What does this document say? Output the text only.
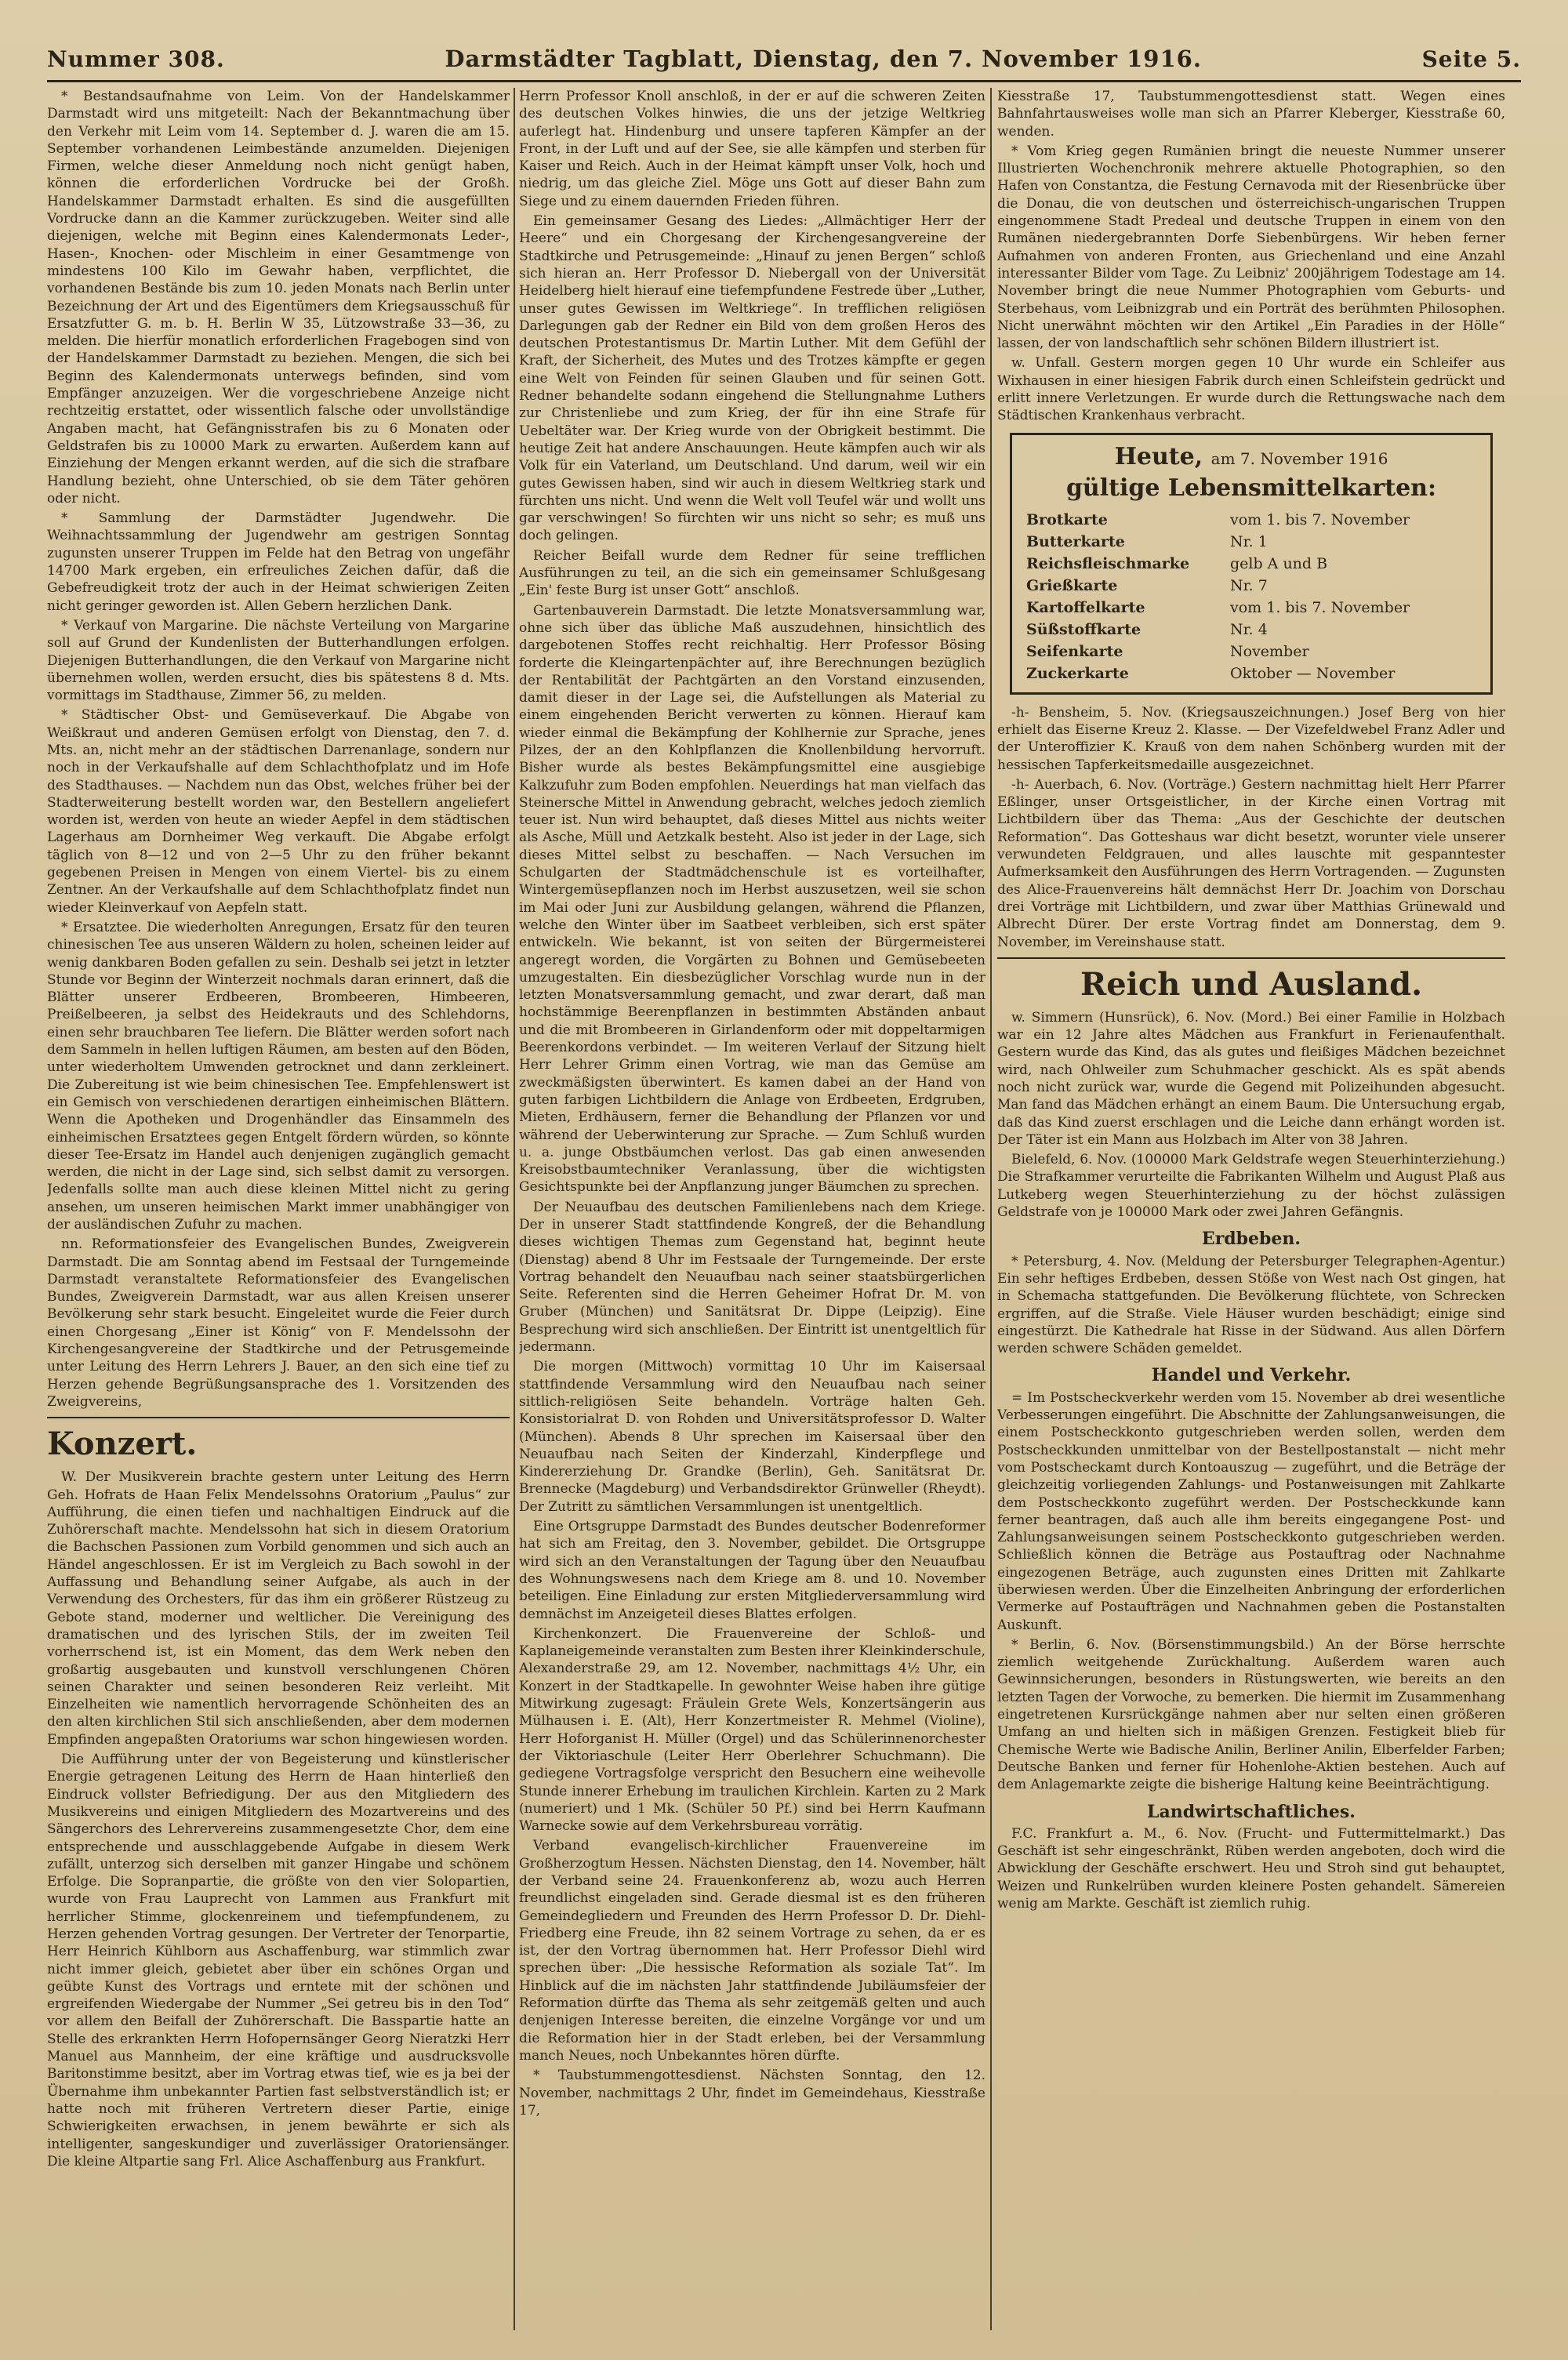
Nummer 308.	Darmstädter Tagblatt, Dienstag, den 7. November 1916.	Seite 5.

* Bestandsaufnahme von Leim. Von der Handelskammer Darmstadt wird uns mitgeteilt: Nach der Bekanntmachung über den Verkehr mit Leim vom 14. September d. J. waren die am 15. September vorhandenen Leimbestände anzumelden. Diejenigen Firmen, welche dieser Anmeldung noch nicht genügt haben, können die erforderlichen Vordrucke bei der Großh. Handelskammer Darmstadt erhalten. Es sind die ausgefüllten Vordrucke dann an die Kammer zurückzugeben. Weiter sind alle diejenigen, welche mit Beginn eines Kalendermonats Leder-, Hasen-, Knochen- oder Mischleim in einer Gesamtmenge von mindestens 100 Kilo im Gewahr haben, verpflichtet, die vorhandenen Bestände bis zum 10. jeden Monats nach Berlin unter Bezeichnung der Art und des Eigentümers dem Kriegsausschuß für Ersatzfutter G. m. b. H. Berlin W 35, Lützowstraße 33—36, zu melden. Die hierfür monatlich erforderlichen Fragebogen sind von der Handelskammer Darmstadt zu beziehen. Mengen, die sich bei Beginn des Kalendermonats unterwegs befinden, sind vom Empfänger anzuzeigen. Wer die vorgeschriebene Anzeige nicht rechtzeitig erstattet, oder wissentlich falsche oder unvollständige Angaben macht, hat Gefängnisstrafen bis zu 6 Monaten oder Geldstrafen bis zu 10000 Mark zu erwarten. Außerdem kann auf Einziehung der Mengen erkannt werden, auf die sich die strafbare Handlung bezieht, ohne Unterschied, ob sie dem Täter gehören oder nicht.

* Sammlung der Darmstädter Jugendwehr. Die Weihnachtssammlung der Jugendwehr am gestrigen Sonntag zugunsten unserer Truppen im Felde hat den Betrag von ungefähr 14700 Mark ergeben, ein erfreuliches Zeichen dafür, daß die Gebefreudigkeit trotz der auch in der Heimat schwierigen Zeiten nicht geringer geworden ist. Allen Gebern herzlichen Dank.

* Verkauf von Margarine. Die nächste Verteilung von Margarine soll auf Grund der Kundenlisten der Butterhandlungen erfolgen. Diejenigen Butterhandlungen, die den Verkauf von Margarine nicht übernehmen wollen, werden ersucht, dies bis spätestens 8 d. Mts. vormittags im Stadthause, Zimmer 56, zu melden.

* Städtischer Obst- und Gemüseverkauf. Die Abgabe von Weißkraut und anderen Gemüsen erfolgt von Dienstag, den 7. d. Mts. an, nicht mehr an der städtischen Darrenanlage, sondern nur noch in der Verkaufshalle auf dem Schlachthofplatz und im Hofe des Stadthauses. — Nachdem nun das Obst, welches früher bei der Stadterweiterung bestellt worden war, den Bestellern angeliefert worden ist, werden von heute an wieder Aepfel in dem städtischen Lagerhaus am Dornheimer Weg verkauft. Die Abgabe erfolgt täglich von 8—12 und von 2—5 Uhr zu den früher bekannt gegebenen Preisen in Mengen von einem Viertel- bis zu einem Zentner. An der Verkaufshalle auf dem Schlachthofplatz findet nun wieder Kleinverkauf von Aepfeln statt.

* Ersatztee. Die wiederholten Anregungen, Ersatz für den teuren chinesischen Tee aus unseren Wäldern zu holen, scheinen leider auf wenig dankbaren Boden gefallen zu sein. Deshalb sei jetzt in letzter Stunde vor Beginn der Winterzeit nochmals daran erinnert, daß die Blätter unserer Erdbeeren, Brombeeren, Himbeeren, Preißelbeeren, ja selbst des Heidekrauts und des Schlehdorns, einen sehr brauchbaren Tee liefern. Die Blätter werden sofort nach dem Sammeln in hellen luftigen Räumen, am besten auf den Böden, unter wiederholtem Umwenden getrocknet und dann zerkleinert. Die Zubereitung ist wie beim chinesischen Tee. Empfehlenswert ist ein Gemisch von verschiedenen derartigen einheimischen Blättern. Wenn die Apotheken und Drogenhändler das Einsammeln des einheimischen Ersatztees gegen Entgelt fördern würden, so könnte dieser Tee-Ersatz im Handel auch denjenigen zugänglich gemacht werden, die nicht in der Lage sind, sich selbst damit zu versorgen. Jedenfalls sollte man auch diese kleinen Mittel nicht zu gering ansehen, um unseren heimischen Markt immer unabhängiger von der ausländischen Zufuhr zu machen.

nn. Reformationsfeier des Evangelischen Bundes, Zweigverein Darmstadt. Die am Sonntag abend im Festsaal der Turngemeinde Darmstadt veranstaltete Reformationsfeier des Evangelischen Bundes, Zweigverein Darmstadt, war aus allen Kreisen unserer Bevölkerung sehr stark besucht. Eingeleitet wurde die Feier durch einen Chorgesang „Einer ist König“ von F. Mendelssohn der Kirchengesangvereine der Stadtkirche und der Petrusgemeinde unter Leitung des Herrn Lehrers J. Bauer, an den sich eine tief zu Herzen gehende Begrüßungsansprache des 1. Vorsitzenden des Zweigvereins,

Konzert.

W. Der Musikverein brachte gestern unter Leitung des Herrn Geh. Hofrats de Haan Felix Mendelssohns Oratorium „Paulus“ zur Aufführung, die einen tiefen und nachhaltigen Eindruck auf die Zuhörerschaft machte. Mendelssohn hat sich in diesem Oratorium die Bachschen Passionen zum Vorbild genommen und sich auch an Händel angeschlossen. Er ist im Vergleich zu Bach sowohl in der Auffassung und Behandlung seiner Aufgabe, als auch in der Verwendung des Orchesters, für das ihm ein größerer Rüstzeug zu Gebote stand, moderner und weltlicher. Die Vereinigung des dramatischen und des lyrischen Stils, der im zweiten Teil vorherrschend ist, ist ein Moment, das dem Werk neben den großartig ausgebauten und kunstvoll verschlungenen Chören seinen Charakter und seinen besonderen Reiz verleiht. Mit Einzelheiten wie namentlich hervorragende Schönheiten des an den alten kirchlichen Stil sich anschließenden, aber dem modernen Empfinden angepaßten Oratoriums war schon hingewiesen worden.

Die Aufführung unter der von Begeisterung und künstlerischer Energie getragenen Leitung des Herrn de Haan hinterließ den Eindruck vollster Befriedigung. Der aus den Mitgliedern des Musikvereins und einigen Mitgliedern des Mozartvereins und des Sängerchors des Lehrervereins zusammengesetzte Chor, dem eine entsprechende und ausschlaggebende Aufgabe in diesem Werk zufällt, unterzog sich derselben mit ganzer Hingabe und schönem Erfolge. Die Sopranpartie, die größte von den vier Solopartien, wurde von Frau Lauprecht von Lammen aus Frankfurt mit herrlicher Stimme, glockenreinem und tiefempfundenem, zu Herzen gehenden Vortrag gesungen. Der Vertreter der Tenorpartie, Herr Heinrich Kühlborn aus Aschaffenburg, war stimmlich zwar nicht immer gleich, gebietet aber über ein schönes Organ und geübte Kunst des Vortrags und erntete mit der schönen und ergreifenden Wiedergabe der Nummer „Sei getreu bis in den Tod“ vor allem den Beifall der Zuhörerschaft. Die Basspartie hatte an Stelle des erkrankten Herrn Hofopernsänger Georg Nieratzki Herr Manuel aus Mannheim, der eine kräftige und ausdrucksvolle Baritonstimme besitzt, aber im Vortrag etwas tief, wie es ja bei der Übernahme ihm unbekannter Partien fast selbstverständlich ist; er hatte noch mit früheren Vertretern dieser Partie, einige Schwierigkeiten erwachsen, in jenem bewährte er sich als intelligenter, sangeskundiger und zuverlässiger Oratoriensänger. Die kleine Altpartie sang Frl. Alice Aschaffenburg aus Frankfurt.

Herrn Professor Knoll anschloß, in der er auf die schweren Zeiten des deutschen Volkes hinwies, die uns der jetzige Weltkrieg auferlegt hat. Hindenburg und unsere tapferen Kämpfer an der Front, in der Luft und auf der See, sie alle kämpfen und sterben für Kaiser und Reich. Auch in der Heimat kämpft unser Volk, hoch und niedrig, um das gleiche Ziel. Möge uns Gott auf dieser Bahn zum Siege und zu einem dauernden Frieden führen.

Ein gemeinsamer Gesang des Liedes: „Allmächtiger Herr der Heere“ und ein Chorgesang der Kirchengesangvereine der Stadtkirche und Petrusgemeinde: „Hinauf zu jenen Bergen“ schloß sich hieran an. Herr Professor D. Niebergall von der Universität Heidelberg hielt hierauf eine tiefempfundene Festrede über „Luther, unser gutes Gewissen im Weltkriege“. In trefflichen religiösen Darlegungen gab der Redner ein Bild von dem großen Heros des deutschen Protestantismus Dr. Martin Luther. Mit dem Gefühl der Kraft, der Sicherheit, des Mutes und des Trotzes kämpfte er gegen eine Welt von Feinden für seinen Glauben und für seinen Gott. Redner behandelte sodann eingehend die Stellungnahme Luthers zur Christenliebe und zum Krieg, der für ihn eine Strafe für Uebeltäter war. Der Krieg wurde von der Obrigkeit bestimmt. Die heutige Zeit hat andere Anschauungen. Heute kämpfen auch wir als Volk für ein Vaterland, um Deutschland. Und darum, weil wir ein gutes Gewissen haben, sind wir auch in diesem Weltkrieg stark und fürchten uns nicht. Und wenn die Welt voll Teufel wär und wollt uns gar verschwingen! So fürchten wir uns nicht so sehr; es muß uns doch gelingen.

Reicher Beifall wurde dem Redner für seine trefflichen Ausführungen zu teil, an die sich ein gemeinsamer Schlußgesang „Ein' feste Burg ist unser Gott“ anschloß.

Gartenbauverein Darmstadt. Die letzte Monatsversammlung war, ohne sich über das übliche Maß auszudehnen, hinsichtlich des dargebotenen Stoffes recht reichhaltig. Herr Professor Bösing forderte die Kleingartenpächter auf, ihre Berechnungen bezüglich der Rentabilität der Pachtgärten an den Vorstand einzusenden, damit dieser in der Lage sei, die Aufstellungen als Material zu einem eingehenden Bericht verwerten zu können. Hierauf kam wieder einmal die Bekämpfung der Kohlhernie zur Sprache, jenes Pilzes, der an den Kohlpflanzen die Knollenbildung hervorruft. Bisher wurde als bestes Bekämpfungsmittel eine ausgiebige Kalkzufuhr zum Boden empfohlen. Neuerdings hat man vielfach das Steinersche Mittel in Anwendung gebracht, welches jedoch ziemlich teuer ist. Nun wird behauptet, daß dieses Mittel aus nichts weiter als Asche, Müll und Aetzkalk besteht. Also ist jeder in der Lage, sich dieses Mittel selbst zu beschaffen. — Nach Versuchen im Schulgarten der Stadtmädchenschule ist es vorteilhafter, Wintergemüsepflanzen noch im Herbst auszusetzen, weil sie schon im Mai oder Juni zur Ausbildung gelangen, während die Pflanzen, welche den Winter über im Saatbeet verbleiben, sich erst später entwickeln. Wie bekannt, ist von seiten der Bürgermeisterei angeregt worden, die Vorgärten zu Bohnen und Gemüsebeeten umzugestalten. Ein diesbezüglicher Vorschlag wurde nun in der letzten Monatsversammlung gemacht, und zwar derart, daß man hochstämmige Beerenpflanzen in bestimmten Abständen anbaut und die mit Brombeeren in Girlandenform oder mit doppeltarmigen Beerenkordons verbindet. — Im weiteren Verlauf der Sitzung hielt Herr Lehrer Grimm einen Vortrag, wie man das Gemüse am zweckmäßigsten überwintert. Es kamen dabei an der Hand von guten farbigen Lichtbildern die Anlage von Erdbeeten, Erdgruben, Mieten, Erdhäusern, ferner die Behandlung der Pflanzen vor und während der Ueberwinterung zur Sprache. — Zum Schluß wurden u. a. junge Obstbäumchen verlost. Das gab einen anwesenden Kreisobstbaumtechniker Veranlassung, über die wichtigsten Gesichtspunkte bei der Anpflanzung junger Bäumchen zu sprechen.

Der Neuaufbau des deutschen Familienlebens nach dem Kriege. Der in unserer Stadt stattfindende Kongreß, der die Behandlung dieses wichtigen Themas zum Gegenstand hat, beginnt heute (Dienstag) abend 8 Uhr im Festsaale der Turngemeinde. Der erste Vortrag behandelt den Neuaufbau nach seiner staatsbürgerlichen Seite. Referenten sind die Herren Geheimer Hofrat Dr. M. von Gruber (München) und Sanitätsrat Dr. Dippe (Leipzig). Eine Besprechung wird sich anschließen. Der Eintritt ist unentgeltlich für jedermann.

Die morgen (Mittwoch) vormittag 10 Uhr im Kaisersaal stattfindende Versammlung wird den Neuaufbau nach seiner sittlich-religiösen Seite behandeln. Vorträge halten Geh. Konsistorialrat D. von Rohden und Universitätsprofessor D. Walter (München). Abends 8 Uhr sprechen im Kaisersaal über den Neuaufbau nach Seiten der Kinderzahl, Kinderpflege und Kindererziehung Dr. Grandke (Berlin), Geh. Sanitätsrat Dr. Brennecke (Magdeburg) und Verbandsdirektor Grünweller (Rheydt). Der Zutritt zu sämtlichen Versammlungen ist unentgeltlich.

Eine Ortsgruppe Darmstadt des Bundes deutscher Bodenreformer hat sich am Freitag, den 3. November, gebildet. Die Ortsgruppe wird sich an den Veranstaltungen der Tagung über den Neuaufbau des Wohnungswesens nach dem Kriege am 8. und 10. November beteiligen. Eine Einladung zur ersten Mitgliederversammlung wird demnächst im Anzeigeteil dieses Blattes erfolgen.

Kirchenkonzert. Die Frauenvereine der Schloß- und Kaplaneigemeinde veranstalten zum Besten ihrer Kleinkinderschule, Alexanderstraße 29, am 12. November, nachmittags 4½ Uhr, ein Konzert in der Stadtkapelle. In gewohnter Weise haben ihre gütige Mitwirkung zugesagt: Fräulein Grete Wels, Konzertsängerin aus Mülhausen i. E. (Alt), Herr Konzertmeister R. Mehmel (Violine), Herr Hoforganist H. Müller (Orgel) und das Schülerinnenorchester der Viktoriaschule (Leiter Herr Oberlehrer Schuchmann). Die gediegene Vortragsfolge verspricht den Besuchern eine weihevolle Stunde innerer Erhebung im traulichen Kirchlein. Karten zu 2 Mark (numeriert) und 1 Mk. (Schüler 50 Pf.) sind bei Herrn Kaufmann Warnecke sowie auf dem Verkehrsbureau vorrätig.

Verband evangelisch-kirchlicher Frauenvereine im Großherzogtum Hessen. Nächsten Dienstag, den 14. November, hält der Verband seine 24. Frauenkonferenz ab, wozu auch Herren freundlichst eingeladen sind. Gerade diesmal ist es den früheren Gemeindegliedern und Freunden des Herrn Professor D. Dr. Diehl-Friedberg eine Freude, ihn 82 seinem Vortrage zu sehen, da er es ist, der den Vortrag übernommen hat. Herr Professor Diehl wird sprechen über: „Die hessische Reformation als soziale Tat“. Im Hinblick auf die im nächsten Jahr stattfindende Jubiläumsfeier der Reformation dürfte das Thema als sehr zeitgemäß gelten und auch denjenigen Interesse bereiten, die einzelne Vorgänge vor und um die Reformation hier in der Stadt erleben, bei der Versammlung manch Neues, noch Unbekanntes hören dürfte.

* Taubstummengottesdienst. Nächsten Sonntag, den 12. November, nachmittags 2 Uhr, findet im Gemeindehaus, Kiesstraße 17,

Kiesstraße 17, Taubstummengottesdienst statt. Wegen eines Bahnfahrtausweises wolle man sich an Pfarrer Kleberger, Kiesstraße 60, wenden.

* Vom Krieg gegen Rumänien bringt die neueste Nummer unserer Illustrierten Wochenchronik mehrere aktuelle Photographien, so den Hafen von Constantza, die Festung Cernavoda mit der Riesenbrücke über die Donau, die von deutschen und österreichisch-ungarischen Truppen eingenommene Stadt Predeal und deutsche Truppen in einem von den Rumänen niedergebrannten Dorfe Siebenbürgens. Wir heben ferner Aufnahmen von anderen Fronten, aus Griechenland und eine Anzahl interessanter Bilder vom Tage. Zu Leibniz' 200jährigem Todestage am 14. November bringt die neue Nummer Photographien vom Geburts- und Sterbehaus, vom Leibnizgrab und ein Porträt des berühmten Philosophen. Nicht unerwähnt möchten wir den Artikel „Ein Paradies in der Hölle“ lassen, der von landschaftlich sehr schönen Bildern illustriert ist.

w. Unfall. Gestern morgen gegen 10 Uhr wurde ein Schleifer aus Wixhausen in einer hiesigen Fabrik durch einen Schleifstein gedrückt und erlitt innere Verletzungen. Er wurde durch die Rettungswache nach dem Städtischen Krankenhaus verbracht.

Heute, am 7. November 1916
gültige Lebensmittelkarten:
Brotkarte	vom 1. bis 7. November
Butterkarte	Nr. 1
Reichsfleischmarke	gelb A und B
Grießkarte	Nr. 7
Kartoffelkarte	vom 1. bis 7. November
Süßstoffkarte	Nr. 4
Seifenkarte	November
Zuckerkarte	Oktober — November

-h- Bensheim, 5. Nov. (Kriegsauszeichnungen.) Josef Berg von hier erhielt das Eiserne Kreuz 2. Klasse. — Der Vizefeldwebel Franz Adler und der Unteroffizier K. Krauß von dem nahen Schönberg wurden mit der hessischen Tapferkeitsmedaille ausgezeichnet.

-h- Auerbach, 6. Nov. (Vorträge.) Gestern nachmittag hielt Herr Pfarrer Eßlinger, unser Ortsgeistlicher, in der Kirche einen Vortrag mit Lichtbildern über das Thema: „Aus der Geschichte der deutschen Reformation“. Das Gotteshaus war dicht besetzt, worunter viele unserer verwundeten Feldgrauen, und alles lauschte mit gespanntester Aufmerksamkeit den Ausführungen des Herrn Vortragenden. — Zugunsten des Alice-Frauenvereins hält demnächst Herr Dr. Joachim von Dorschau drei Vorträge mit Lichtbildern, und zwar über Matthias Grünewald und Albrecht Dürer. Der erste Vortrag findet am Donnerstag, dem 9. November, im Vereinshause statt.

Reich und Ausland.

w. Simmern (Hunsrück), 6. Nov. (Mord.) Bei einer Familie in Holzbach war ein 12 Jahre altes Mädchen aus Frankfurt in Ferienaufenthalt. Gestern wurde das Kind, das als gutes und fleißiges Mädchen bezeichnet wird, nach Ohlweiler zum Schuhmacher geschickt. Als es spät abends noch nicht zurück war, wurde die Gegend mit Polizeihunden abgesucht. Man fand das Mädchen erhängt an einem Baum. Die Untersuchung ergab, daß das Kind zuerst erschlagen und die Leiche dann erhängt worden ist. Der Täter ist ein Mann aus Holzbach im Alter von 38 Jahren.

Bielefeld, 6. Nov. (100000 Mark Geldstrafe wegen Steuerhinterziehung.) Die Strafkammer verurteilte die Fabrikanten Wilhelm und August Plaß aus Lutkeberg wegen Steuerhinterziehung zu der höchst zulässigen Geldstrafe von je 100000 Mark oder zwei Jahren Gefängnis.

Erdbeben.

* Petersburg, 4. Nov. (Meldung der Petersburger Telegraphen-Agentur.) Ein sehr heftiges Erdbeben, dessen Stöße von West nach Ost gingen, hat in Schemacha stattgefunden. Die Bevölkerung flüchtete, von Schrecken ergriffen, auf die Straße. Viele Häuser wurden beschädigt; einige sind eingestürzt. Die Kathedrale hat Risse in der Südwand. Aus allen Dörfern werden schwere Schäden gemeldet.

Handel und Verkehr.

= Im Postscheckverkehr werden vom 15. November ab drei wesentliche Verbesserungen eingeführt. Die Abschnitte der Zahlungsanweisungen, die einem Postscheckkonto gutgeschrieben werden sollen, werden dem Postscheckkunden unmittelbar von der Bestellpostanstalt — nicht mehr vom Postscheckamt durch Kontoauszug — zugeführt, und die Beträge der gleichzeitig vorliegenden Zahlungs- und Postanweisungen mit Zahlkarte dem Postscheckkonto zugeführt werden. Der Postscheckkunde kann ferner beantragen, daß auch alle ihm bereits eingegangene Post- und Zahlungsanweisungen seinem Postscheckkonto gutgeschrieben werden. Schließlich können die Beträge aus Postauftrag oder Nachnahme eingezogenen Beträge, auch zugunsten eines Dritten mit Zahlkarte überwiesen werden. Über die Einzelheiten Anbringung der erforderlichen Vermerke auf Postaufträgen und Nachnahmen geben die Postanstalten Auskunft.

* Berlin, 6. Nov. (Börsenstimmungsbild.) An der Börse herrschte ziemlich weitgehende Zurückhaltung. Außerdem waren auch Gewinnsicherungen, besonders in Rüstungswerten, wie bereits an den letzten Tagen der Vorwoche, zu bemerken. Die hiermit im Zusammenhang eingetretenen Kursrückgänge nahmen aber nur selten einen größeren Umfang an und hielten sich in mäßigen Grenzen. Festigkeit blieb für Chemische Werte wie Badische Anilin, Berliner Anilin, Elberfelder Farben; Deutsche Banken und ferner für Hohenlohe-Aktien bestehen. Auch auf dem Anlagemarkte zeigte die bisherige Haltung keine Beeinträchtigung.

Landwirtschaftliches.

F.C. Frankfurt a. M., 6. Nov. (Frucht- und Futtermittelmarkt.) Das Geschäft ist sehr eingeschränkt, Rüben werden angeboten, doch wird die Abwicklung der Geschäfte erschwert. Heu und Stroh sind gut behauptet, Weizen und Runkelrüben wurden kleinere Posten gehandelt. Sämereien wenig am Markte. Geschäft ist ziemlich ruhig.
